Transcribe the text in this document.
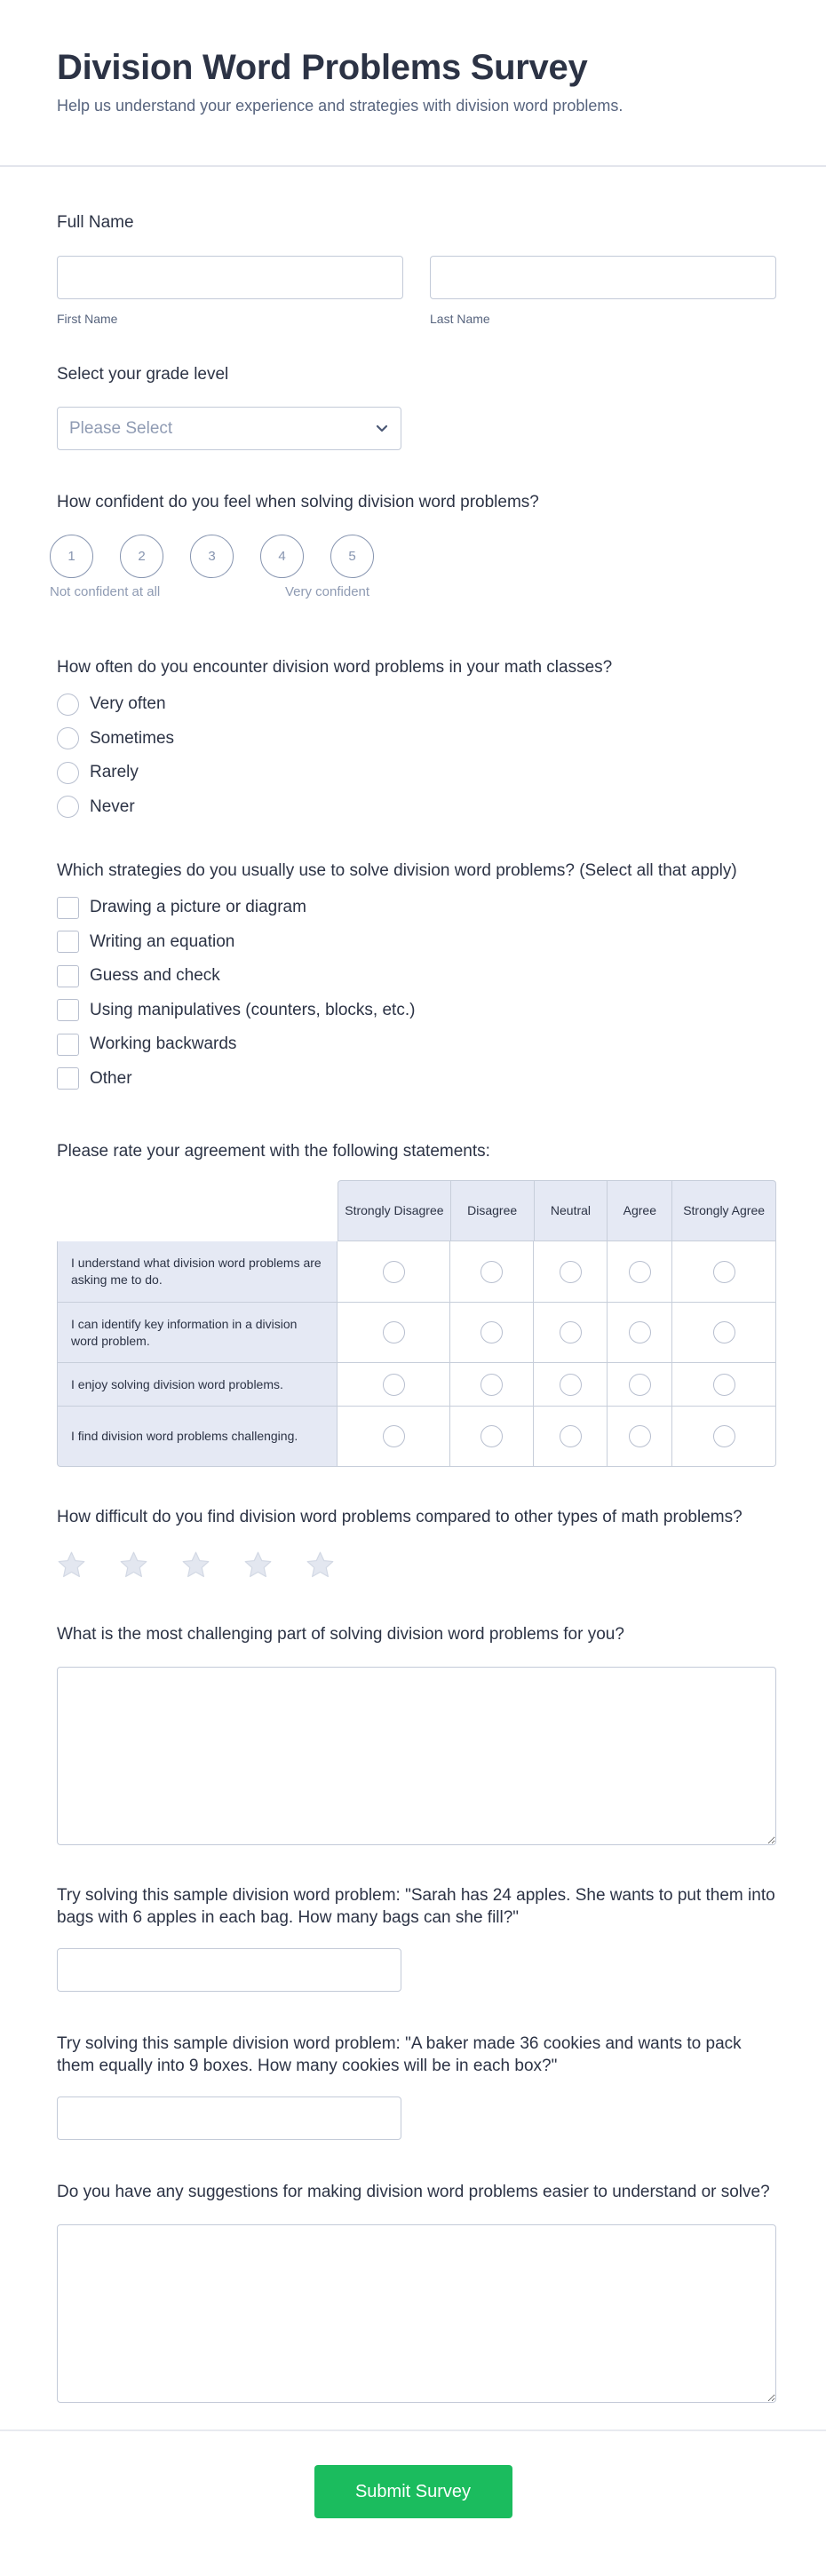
Division Word Problems Survey
Help us understand your experience and strategies with division word problems.
Full Name
First Name	Last Name
Select your grade level
Please Select
How confident do you feel when solving division word problems?
1	2	3	4	5
Not confident at all	Very confident
How often do you encounter division word problems in your math classes?
Very often
Sometimes
Rarely
Never
Which strategies do you usually use to solve division word problems? (Select all that apply)
Drawing a picture or diagram
Writing an equation
Guess and check
Using manipulatives (counters, blocks, etc.)
Working backwards
Other
Please rate your agreement with the following statements:
Strongly Disagree	Disagree	Neutral	Agree	Strongly Agree
I understand what division word problems are asking me to do.
I can identify key information in a division word problem.
I enjoy solving division word problems.
I find division word problems challenging.
How difficult do you find division word problems compared to other types of math problems?
What is the most challenging part of solving division word problems for you?
Try solving this sample division word problem: "Sarah has 24 apples. She wants to put them into bags with 6 apples in each bag. How many bags can she fill?"
Try solving this sample division word problem: "A baker made 36 cookies and wants to pack them equally into 9 boxes. How many cookies will be in each box?"
Do you have any suggestions for making division word problems easier to understand or solve?
Submit Survey
